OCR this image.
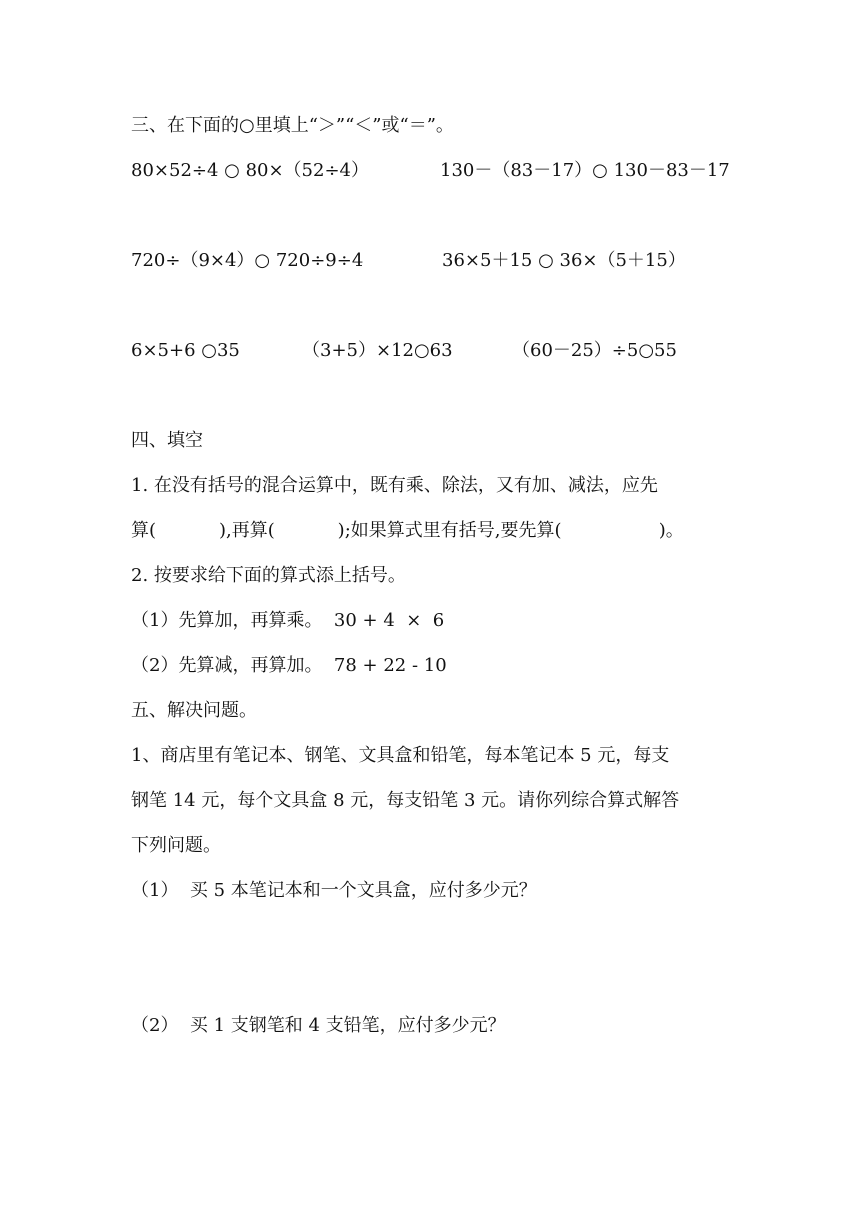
三、在下面的○里填上“＞”“＜”或“＝”。
80×52÷4 ○ 80×（52÷4）	130－（83－17）○ 130－83－17
720÷（9×4）○ 720÷9÷4	36×5＋15 ○ 36×（5＋15）
6×5+6 ○35	（3+5）×12○63	（60－25）÷5○55
四、填空
1. 在没有括号的混合运算中，既有乘、除法，又有加、减法，应先
算(           ),再算(           );如果算式里有括号,要先算(                 )。
2. 按要求给下面的算式添上括号。
（1）先算加，再算乘。  30 + 4  ×  6
（2）先算减，再算加。  78 + 22 - 10
五、解决问题。
1、商店里有笔记本、钢笔、文具盒和铅笔，每本笔记本 5 元，每支
钢笔 14 元，每个文具盒 8 元，每支铅笔 3 元。请你列综合算式解答
下列问题。
（1）  买 5 本笔记本和一个文具盒，应付多少元？
（2）  买 1 支钢笔和 4 支铅笔，应付多少元？
